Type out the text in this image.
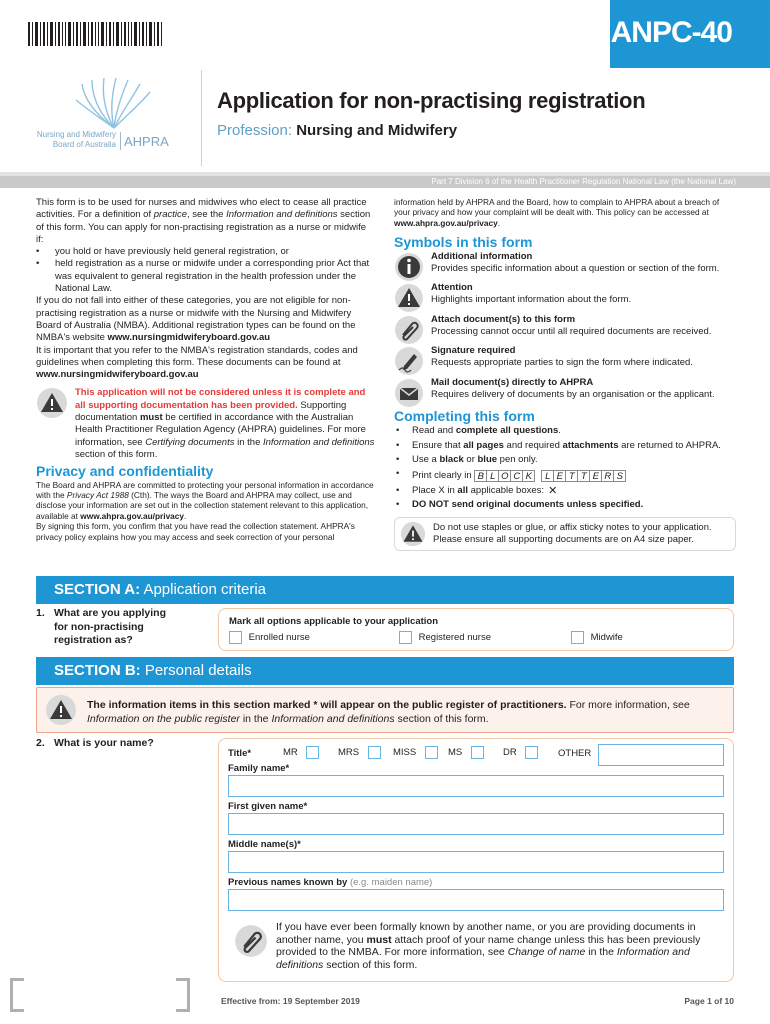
ANPC-40
Nursing and Midwifery
Board of Australia AHPRA
Application for non-practising registration
Profession: Nursing and Midwifery
Part 7 Division 6 of the Health Practitioner Regulation National Law (the National Law)

This form is to be used for nurses and midwives who elect to cease all practice activities. For a definition of practice, see the Information and definitions section of this form. You can apply for non-practising registration as a nurse or midwife if:

• you hold or have previously held general registration, or
• held registration as a nurse or midwife under a corresponding prior Act that was equivalent to general registration in the health profession under the National Law.

If you do not fall into either of these categories, you are not eligible for non-practising registration as a nurse or midwife with the Nursing and Midwifery Board of Australia (NMBA). Additional registration types can be found on the NMBA's website www.nursingmidwiferyboard.gov.au

It is important that you refer to the NMBA's registration standards, codes and guidelines when completing this form. These documents can be found at www.nursingmidwiferyboard.gov.au

This application will not be considered unless it is complete and all supporting documentation has been provided. Supporting documentation must be certified in accordance with the Australian Health Practitioner Regulation Agency (AHPRA) guidelines. For more information, see Certifying documents in the Information and definitions section of this form.
Privacy and confidentiality

The Board and AHPRA are committed to protecting your personal information in accordance with the Privacy Act 1988 (Cth). The ways the Board and AHPRA may collect, use and disclose your information are set out in the collection statement relevant to this application, available at www.ahpra.gov.au/privacy.

By signing this form, you confirm that you have read the collection statement. AHPRA's privacy policy explains how you may access and seek correction of your personal

information held by AHPRA and the Board, how to complain to AHPRA about a breach of your privacy and how your complaint will be dealt with. This policy can be accessed at www.ahpra.gov.au/privacy.

Symbols in this form
Additional information
Provides specific information about a question or section of the form.
Attention
Highlights important information about the form.
Attach document(s) to this form
Processing cannot occur until all required documents are received.
Signature required
Requests appropriate parties to sign the form where indicated.
Mail document(s) directly to AHPRA
Requires delivery of documents by an organisation or the applicant.
Completing this form
• Read and complete all questions.
• Ensure that all pages and required attachments are returned to AHPRA.
• Use a black or blue pen only.
• Print clearly in B L O C K L E T T E R S
• Place X in all applicable boxes: ✕
• DO NOT send original documents unless specified.
Do not use staples or glue, or affix sticky notes to your application. Please ensure all supporting documents are on A4 size paper.
SECTION A: Application criteria
1. What are you applying
for non-practising
registration as?
Mark all options applicable to your application
Enrolled nurse	Registered nurse	Midwife
SECTION B: Personal details
The information items in this section marked * will appear on the public register of practitioners. For more information, see Information on the public register in the Information and definitions section of this form.
2. What is your name?
Title*	MR	MRS	MISS	MS	DR	OTHER
Family name*
First given name*
Middle name(s)*
Previous names known by (e.g. maiden name)
If you have ever been formally known by another name, or you are providing documents in another name, you must attach proof of your name change unless this has been previously provided to the NMBA. For more information, see Change of name in the Information and definitions section of this form.
Effective from: 19 September 2019	Page 1 of 10
